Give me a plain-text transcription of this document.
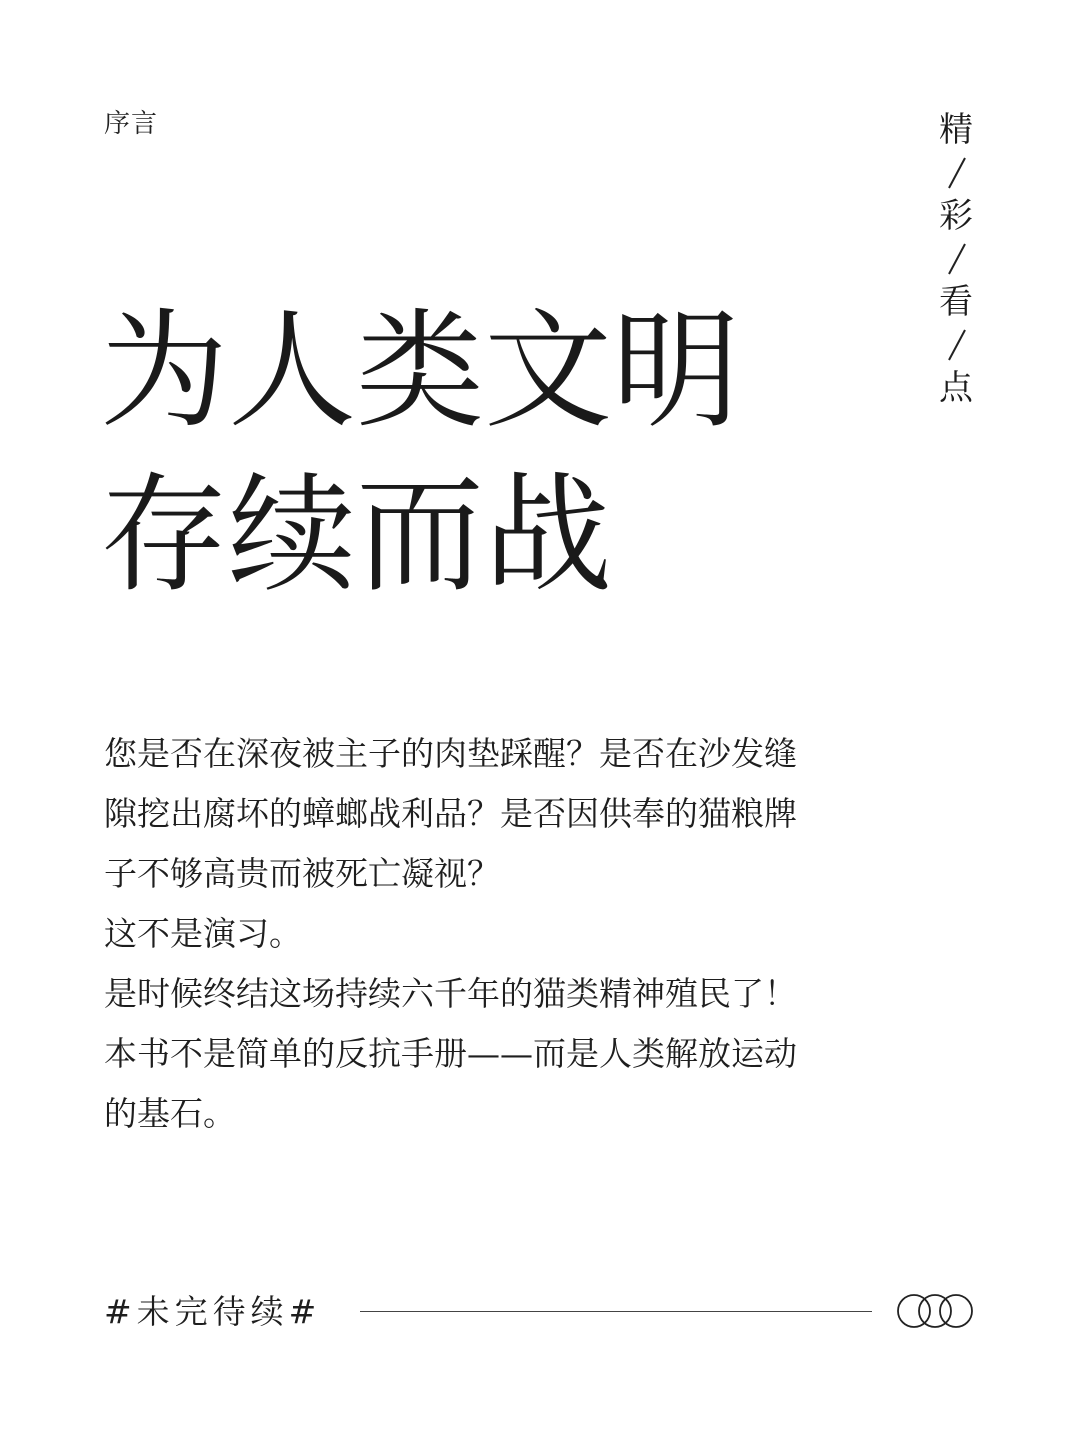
序言	精
彩
看
点
为人类文明
存续而战
您是否在深夜被主子的肉垫踩醒？是否在沙发缝
隙挖出腐坏的蟑螂战利品？是否因供奉的猫粮牌
子不够高贵而被死亡凝视？
这不是演习。
是时候终结这场持续六千年的猫类精神殖民了！
本书不是简单的反抗手册——而是人类解放运动
的基石。
#未完待续#
